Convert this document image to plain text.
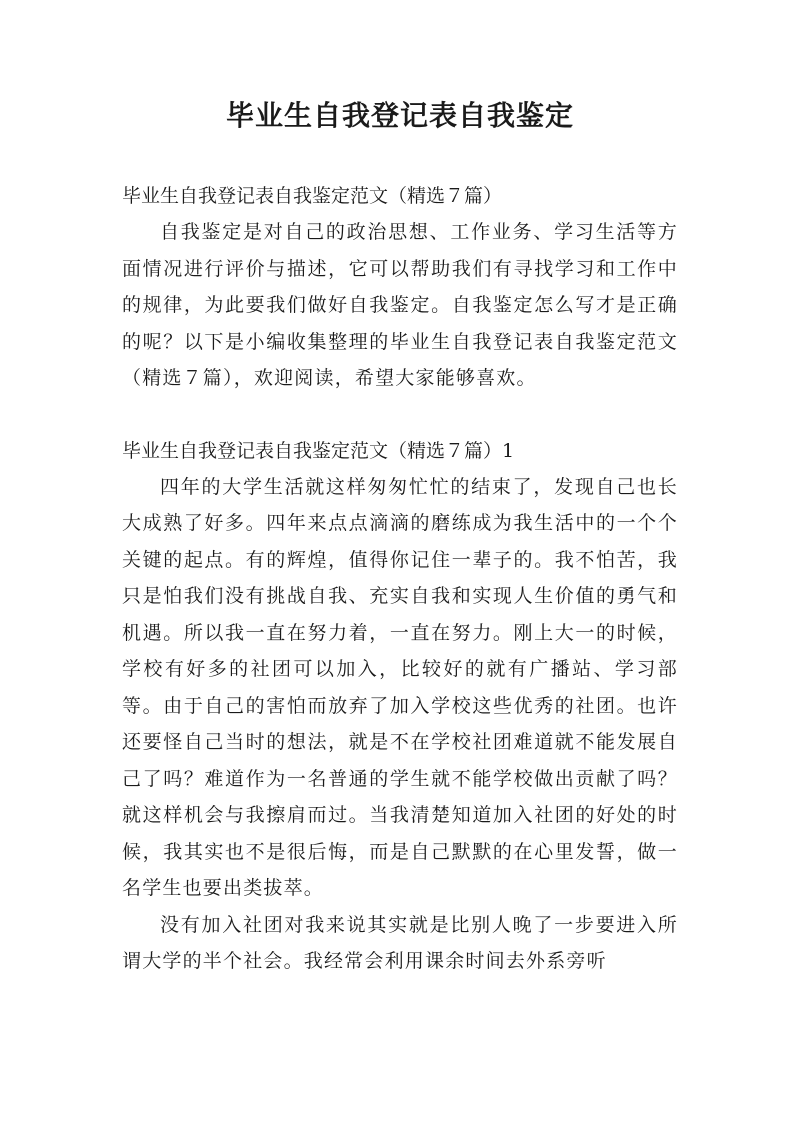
毕业生自我登记表自我鉴定

毕业生自我登记表自我鉴定范文（精选７篇）

自我鉴定是对自己的政治思想、工作业务、学习生活等方面情况进行评价与描述，它可以帮助我们有寻找学习和工作中的规律，为此要我们做好自我鉴定。自我鉴定怎么写才是正确的呢？以下是小编收集整理的毕业生自我登记表自我鉴定范文（精选７篇），欢迎阅读，希望大家能够喜欢。

毕业生自我登记表自我鉴定范文（精选７篇）1

四年的大学生活就这样匆匆忙忙的结束了，发现自己也长大成熟了好多。四年来点点滴滴的磨练成为我生活中的一个个关键的起点。有的辉煌，值得你记住一辈子的。我不怕苦，我只是怕我们没有挑战自我、充实自我和实现人生价值的勇气和机遇。所以我一直在努力着，一直在努力。刚上大一的时候，学校有好多的社团可以加入，比较好的就有广播站、学习部等。由于自己的害怕而放弃了加入学校这些优秀的社团。也许还要怪自己当时的想法，就是不在学校社团难道就不能发展自己了吗？难道作为一名普通的学生就不能学校做出贡献了吗？就这样机会与我擦肩而过。当我清楚知道加入社团的好处的时候，我其实也不是很后悔，而是自己默默的在心里发誓，做一名学生也要出类拔萃。

没有加入社团对我来说其实就是比别人晚了一步要进入所谓大学的半个社会。我经常会利用课余时间去外系旁听
